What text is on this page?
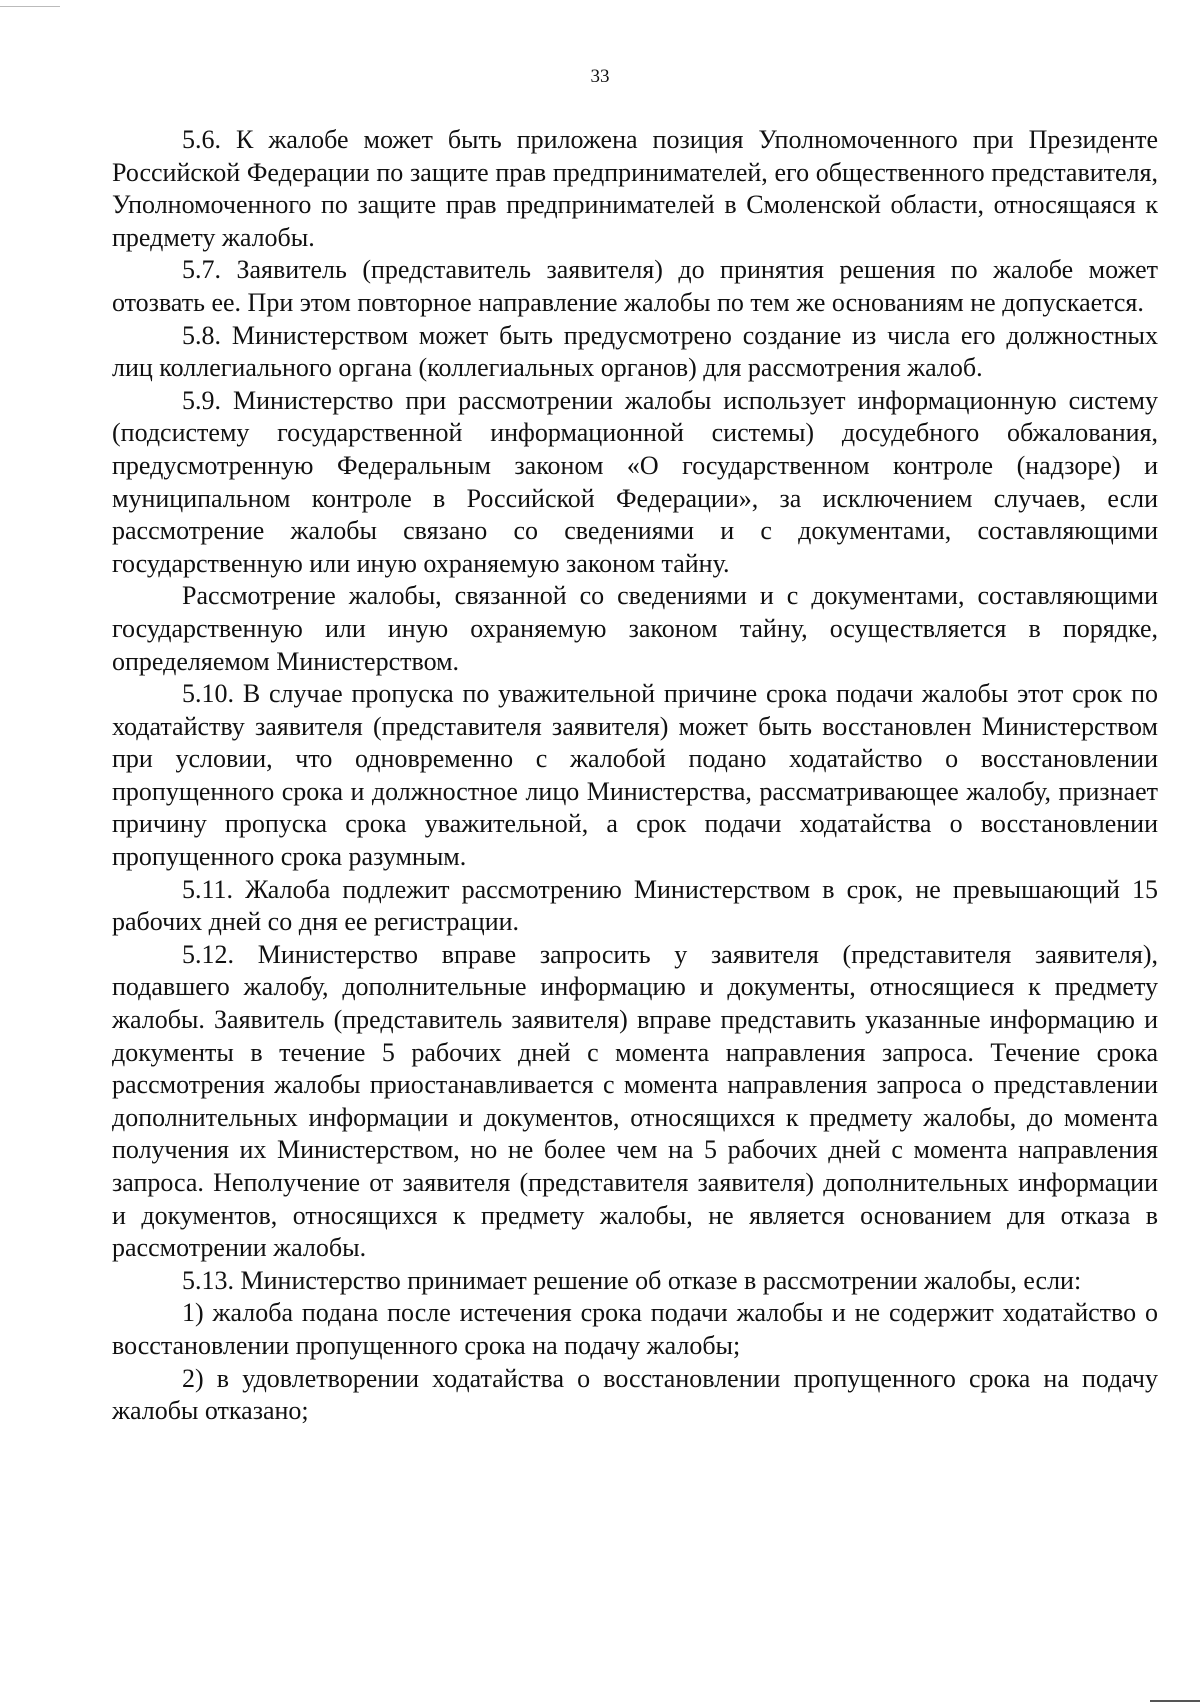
33

5.6. К жалобе может быть приложена позиция Уполномоченного при Президенте Российской Федерации по защите прав предпринимателей, его общественного представителя, Уполномоченного по защите прав предпринимателей в Смоленской области, относящаяся к предмету жалобы.

5.7. Заявитель (представитель заявителя) до принятия решения по жалобе может отозвать ее. При этом повторное направление жалобы по тем же основаниям не допускается.

5.8. Министерством может быть предусмотрено создание из числа его должностных лиц коллегиального органа (коллегиальных органов) для рассмотрения жалоб.

5.9. Министерство при рассмотрении жалобы использует информационную систему (подсистему государственной информационной системы) досудебного обжалования, предусмотренную Федеральным законом «О государственном контроле (надзоре) и муниципальном контроле в Российской Федерации», за исключением случаев, если рассмотрение жалобы связано со сведениями и с документами, составляющими государственную или иную охраняемую законом тайну.

Рассмотрение жалобы, связанной со сведениями и с документами, составляющими государственную или иную охраняемую законом тайну, осуществляется в порядке, определяемом Министерством.

5.10. В случае пропуска по уважительной причине срока подачи жалобы этот срок по ходатайству заявителя (представителя заявителя) может быть восстановлен Министерством при условии, что одновременно с жалобой подано ходатайство о восстановлении пропущенного срока и должностное лицо Министерства, рассматривающее жалобу, признает причину пропуска срока уважительной, а срок подачи ходатайства о восстановлении пропущенного срока разумным.

5.11. Жалоба подлежит рассмотрению Министерством в срок, не превышающий 15 рабочих дней со дня ее регистрации.

5.12. Министерство вправе запросить у заявителя (представителя заявителя), подавшего жалобу, дополнительные информацию и документы, относящиеся к предмету жалобы. Заявитель (представитель заявителя) вправе представить указанные информацию и документы в течение 5 рабочих дней с момента направления запроса. Течение срока рассмотрения жалобы приостанавливается с момента направления запроса о представлении дополнительных информации и документов, относящихся к предмету жалобы, до момента получения их Министерством, но не более чем на 5 рабочих дней с момента направления запроса. Неполучение от заявителя (представителя заявителя) дополнительных информации и документов, относящихся к предмету жалобы, не является основанием для отказа в рассмотрении жалобы.

5.13. Министерство принимает решение об отказе в рассмотрении жалобы, если:

1) жалоба подана после истечения срока подачи жалобы и не содержит ходатайство о восстановлении пропущенного срока на подачу жалобы;

2) в удовлетворении ходатайства о восстановлении пропущенного срока на подачу жалобы отказано;
